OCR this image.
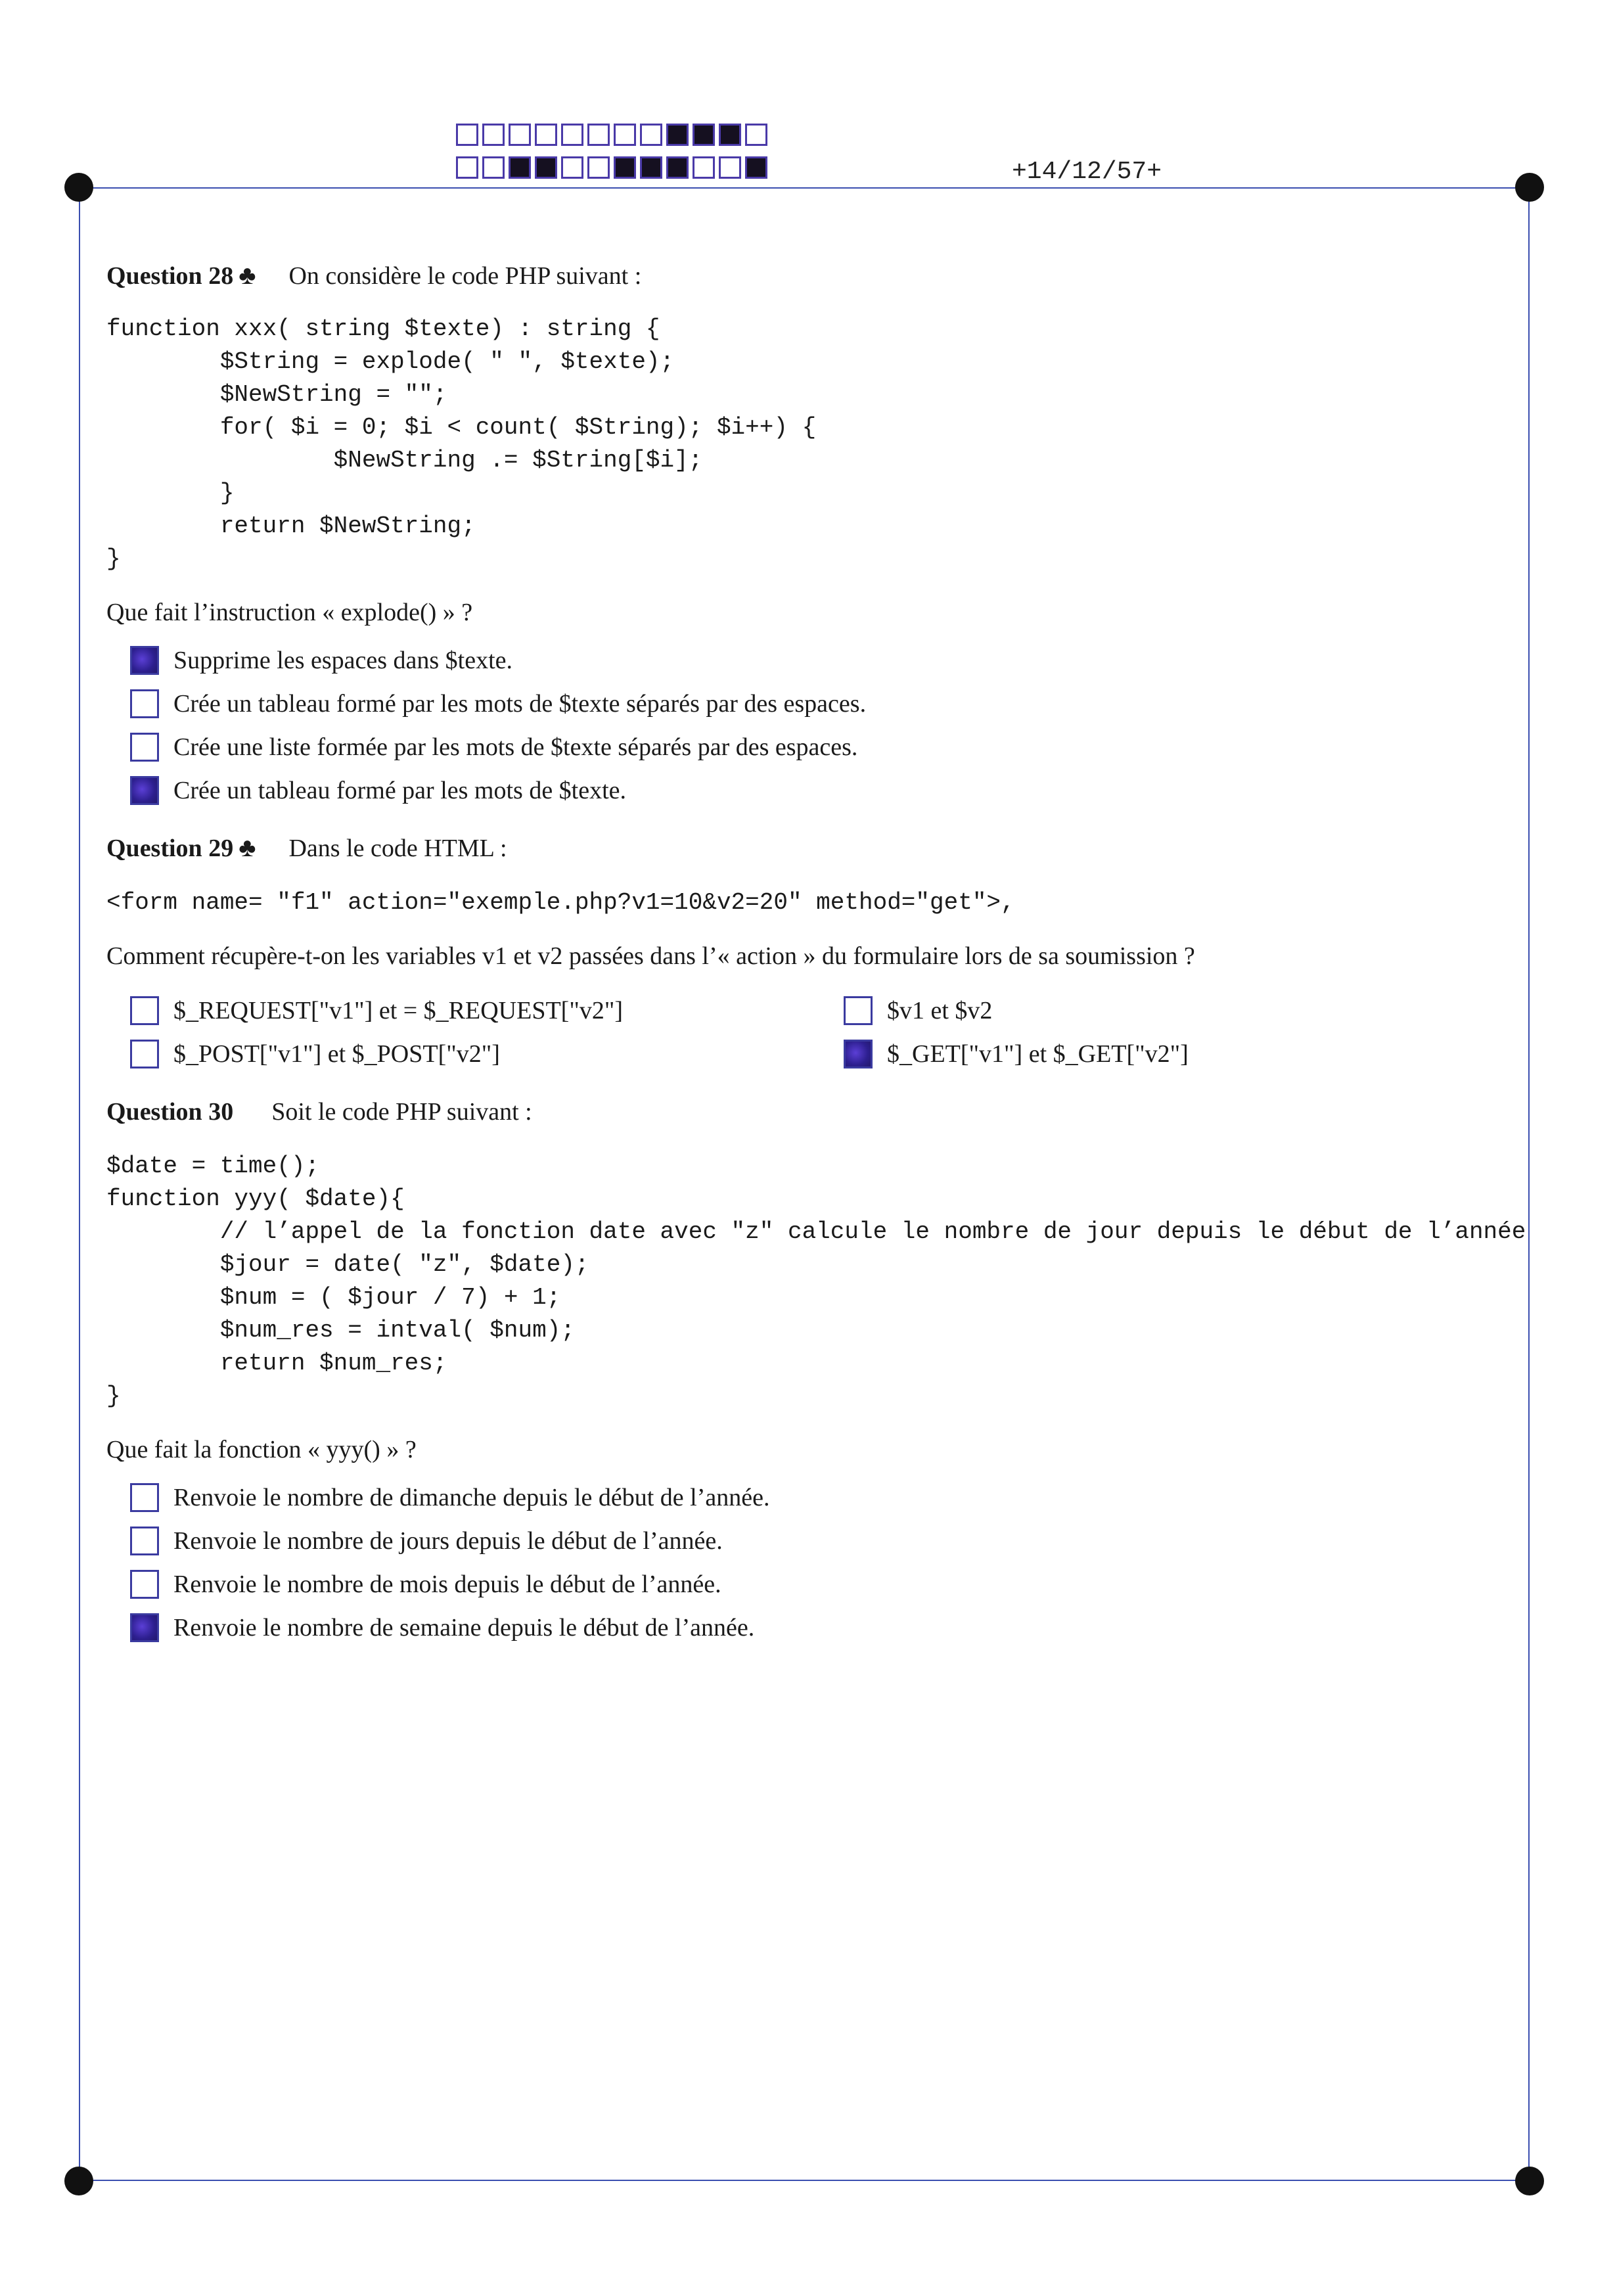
+14/12/57+

Question 28 ♣ On considère le code PHP suivant :

function xxx( string $texte) : string {
$String = explode( " ", $texte);
$NewString = "";
for( $i = 0; $i < count( $String); $i++) {
$NewString .= $String[$i];
}
return $NewString;
}

Que fait l’instruction « explode() » ?

Supprime les espaces dans $texte.
Crée un tableau formé par les mots de $texte séparés par des espaces.
Crée une liste formée par les mots de $texte séparés par des espaces.
Crée un tableau formé par les mots de $texte.

Question 29 ♣ Dans le code HTML :

<form name= "f1" action="exemple.php?v1=10&v2=20" method="get">,

Comment récupère-t-on les variables v1 et v2 passées dans l’« action » du formulaire lors de sa soumission ?

$_REQUEST["v1"] et = $_REQUEST["v2"]	$v1 et $v2
$_POST["v1"] et $_POST["v2"]	$_GET["v1"] et $_GET["v2"]

Question 30 Soit le code PHP suivant :

$date = time();
function yyy( $date){
// l’appel de la fonction date avec "z" calcule le nombre de jour depuis le début de l’année
$jour = date( "z", $date);
$num = ( $jour / 7) + 1;
$num_res = intval( $num);
return $num_res;
}

Que fait la fonction « yyy() » ?

Renvoie le nombre de dimanche depuis le début de l’année.
Renvoie le nombre de jours depuis le début de l’année.
Renvoie le nombre de mois depuis le début de l’année.
Renvoie le nombre de semaine depuis le début de l’année.
